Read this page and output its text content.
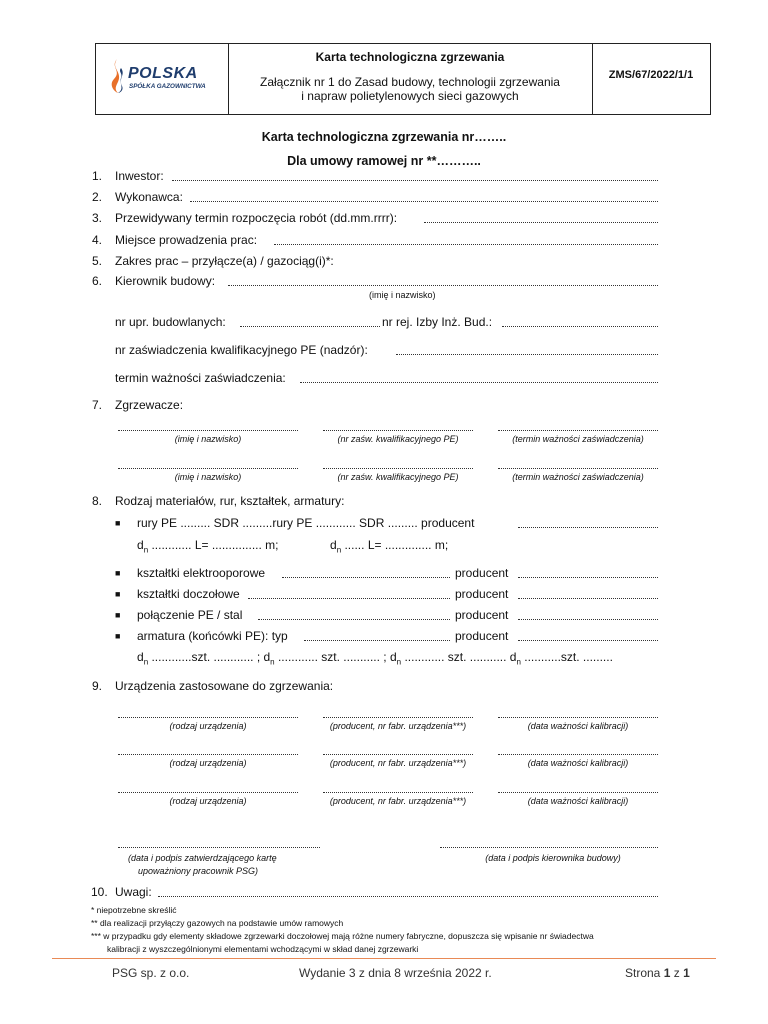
POLSKA
SPÓŁKA GAZOWNICTWA
Karta technologiczna zgrzewania
Załącznik nr 1 do Zasad budowy, technologii zgrzewania
i napraw polietylenowych sieci gazowych
ZMS/67/2022/1/1
Karta technologiczna zgrzewania nr……..
Dla umowy ramowej nr **………..
1. Inwestor:
2. Wykonawca:
3. Przewidywany termin rozpoczęcia robót (dd.mm.rrrr):
4. Miejsce prowadzenia prac:
5. Zakres prac – przyłącze(a) / gazociąg(i)*:
6. Kierownik budowy:
(imię i nazwisko)
nr upr. budowlanych:	nr rej. Izby Inż. Bud.:
nr zaświadczenia kwalifikacyjnego PE (nadzór):
termin ważności zaświadczenia:
7. Zgrzewacze:
(imię i nazwisko)	(nr zaśw. kwalifikacyjnego PE)	(termin ważności zaświadczenia)
(imię i nazwisko)	(nr zaśw. kwalifikacyjnego PE)	(termin ważności zaświadczenia)
8. Rodzaj materiałów, rur, kształtek, armatury:
■ rury PE ......... SDR .........rury PE ............ SDR ......... producent
$d_n$ ............ L= ............... m;	$d_n$ ...... L= .............. m;
■ kształtki elektrooporowe	producent
■ kształtki doczołowe	producent
■ połączenie PE / stal	producent
■ armatura (końcówki PE): typ	producent
$d_n$ ............szt. ............ ; $d_n$ ............ szt. ........... ; $d_n$ ............ szt. ........... $d_n$ ...........szt. .........
9. Urządzenia zastosowane do zgrzewania:
(rodzaj urządzenia)	(producent, nr fabr. urządzenia***)	(data ważności kalibracji)
(rodzaj urządzenia)	(producent, nr fabr. urządzenia***)	(data ważności kalibracji)
(rodzaj urządzenia)	(producent, nr fabr. urządzenia***)	(data ważności kalibracji)
(data i podpis zatwierdzającego kartę
upoważniony pracownik PSG)
(data i podpis kierownika budowy)
10. Uwagi:
* niepotrzebne skreślić
** dla realizacji przyłączy gazowych na podstawie umów ramowych
*** w przypadku gdy elementy składowe zgrzewarki doczołowej mają różne numery fabryczne, dopuszcza się wpisanie nr świadectwa
kalibracji z wyszczególnionymi elementami wchodzącymi w skład danej zgrzewarki
PSG sp. z o.o.	Wydanie 3 z dnia 8 września 2022 r.	Strona 1 z 1
